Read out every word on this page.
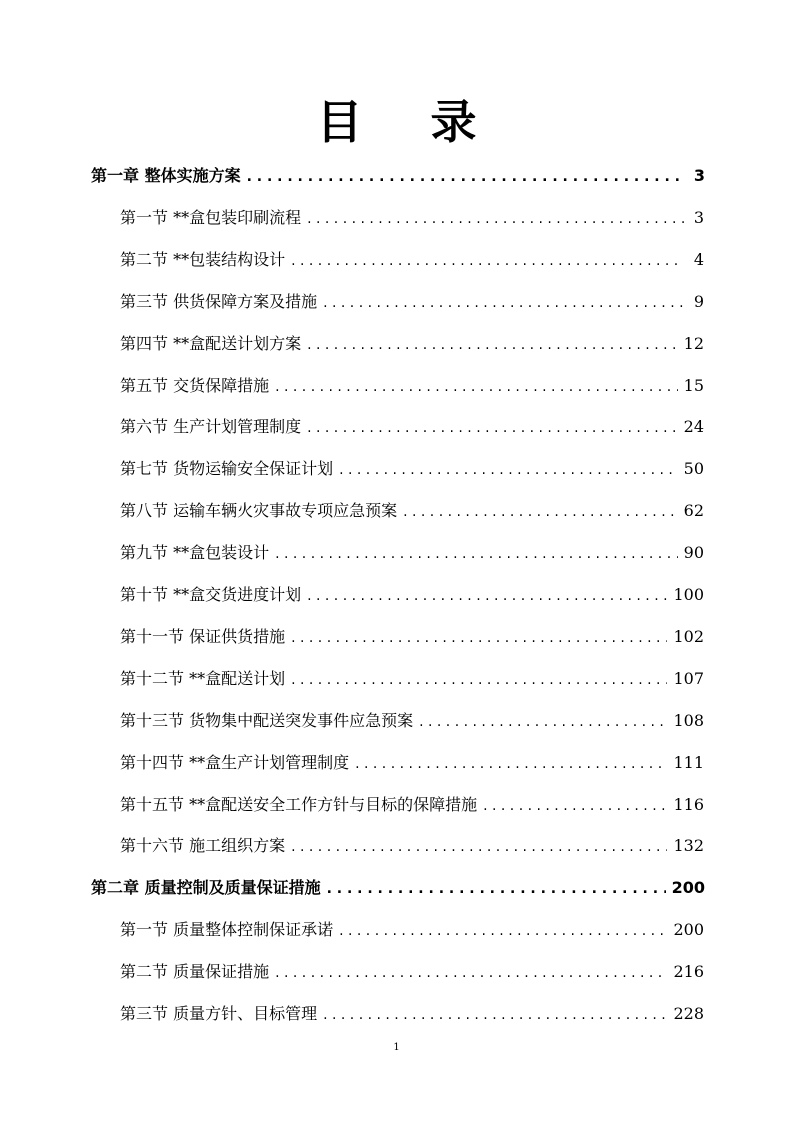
目 录
第一章 整体实施方案 . . .	3
第一节 **盒包装印刷流程 . . .	3
第二节 **包装结构设计 . . .	4
第三节 供货保障方案及措施 . . .	9
第四节 **盒配送计划方案 . . .	12
第五节 交货保障措施 . . .	15
第六节 生产计划管理制度 . . .	24
第七节 货物运输安全保证计划 . . .	50
第八节 运输车辆火灾事故专项应急预案 . . .	62
第九节 **盒包装设计 . . .	90
第十节 **盒交货进度计划 . . .	100
第十一节 保证供货措施 . . .	102
第十二节 **盒配送计划 . . .	107
第十三节 货物集中配送突发事件应急预案 . . .	108
第十四节 **盒生产计划管理制度 . . .	111
第十五节 **盒配送安全工作方针与目标的保障措施 . . .	116
第十六节 施工组织方案 . . .	132
第二章 质量控制及质量保证措施 . . .	200
第一节 质量整体控制保证承诺 . . .	200
第二节 质量保证措施 . . .	216
第三节 质量方针、目标管理 . . .	228
1
